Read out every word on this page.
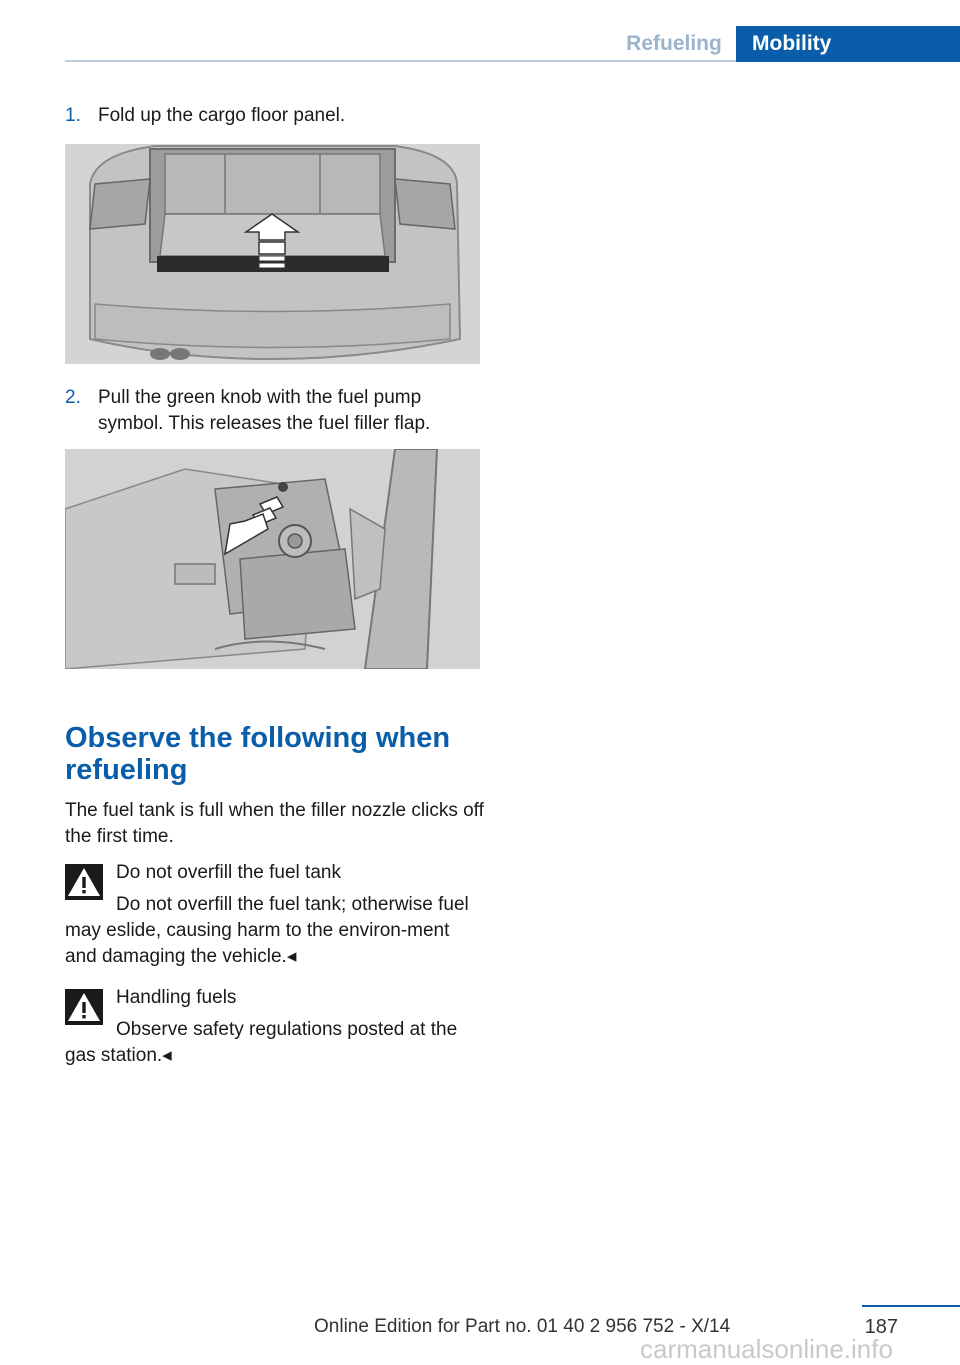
Refueling	Mobility
1. Fold up the cargo floor panel.
2. Pull the green knob with the fuel pump symbol. This releases the fuel filler flap.
Observe the following when refueling
The fuel tank is full when the filler nozzle clicks off the first time.
Do not overfill the fuel tank
Do not overfill the fuel tank; otherwise fuel may eslide, causing harm to the environ-ment and damaging the vehicle.◂
Handling fuels
Observe safety regulations posted at the gas station.◂
187
Online Edition for Part no. 01 40 2 956 752 - X/14
carmanualsonline.info
